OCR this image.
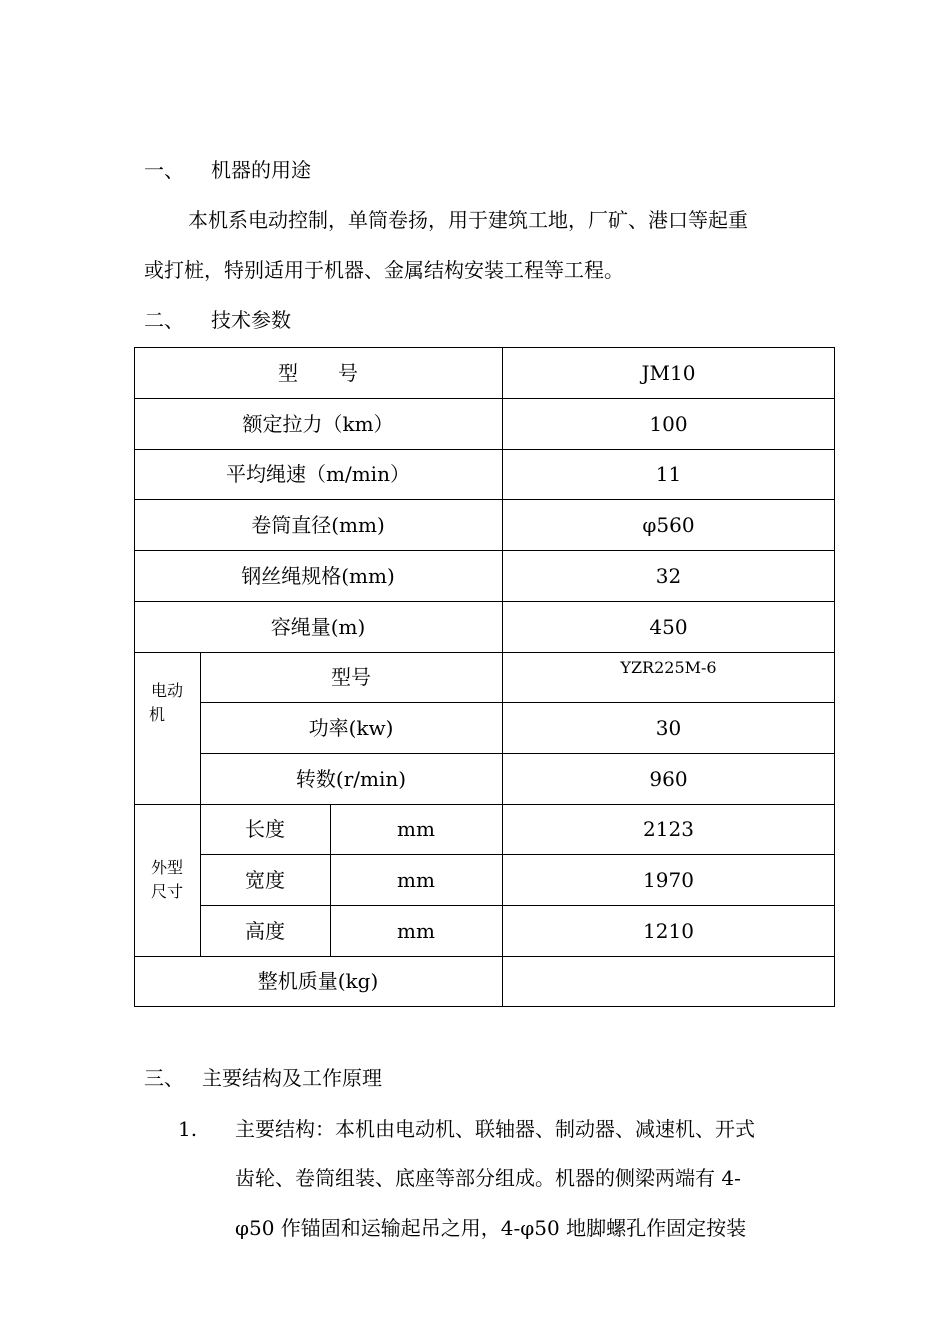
一、 机器的用途
本机系电动控制，单筒卷扬，用于建筑工地，厂矿、港口等起重
或打桩，特别适用于机器、金属结构安装工程等工程。
二、 技术参数
型　　号	JM10
额定拉力（km）	100
平均绳速（m/min）	11
卷筒直径(mm)	φ560
钢丝绳规格(mm)	32
容绳量(m)	450
电动
机
型号	YZR225M-6
功率(kw)	30
转数(r/min)	960
外型
尺寸
长度	mm	2123
宽度	mm	1970
高度	mm	1210
整机质量(kg)
三、 主要结构及工作原理
1. 主要结构：本机由电动机、联轴器、制动器、减速机、开式
齿轮、卷筒组装、底座等部分组成。机器的侧梁两端有 4-
φ50 作锚固和运输起吊之用，4-φ50 地脚螺孔作固定按装
